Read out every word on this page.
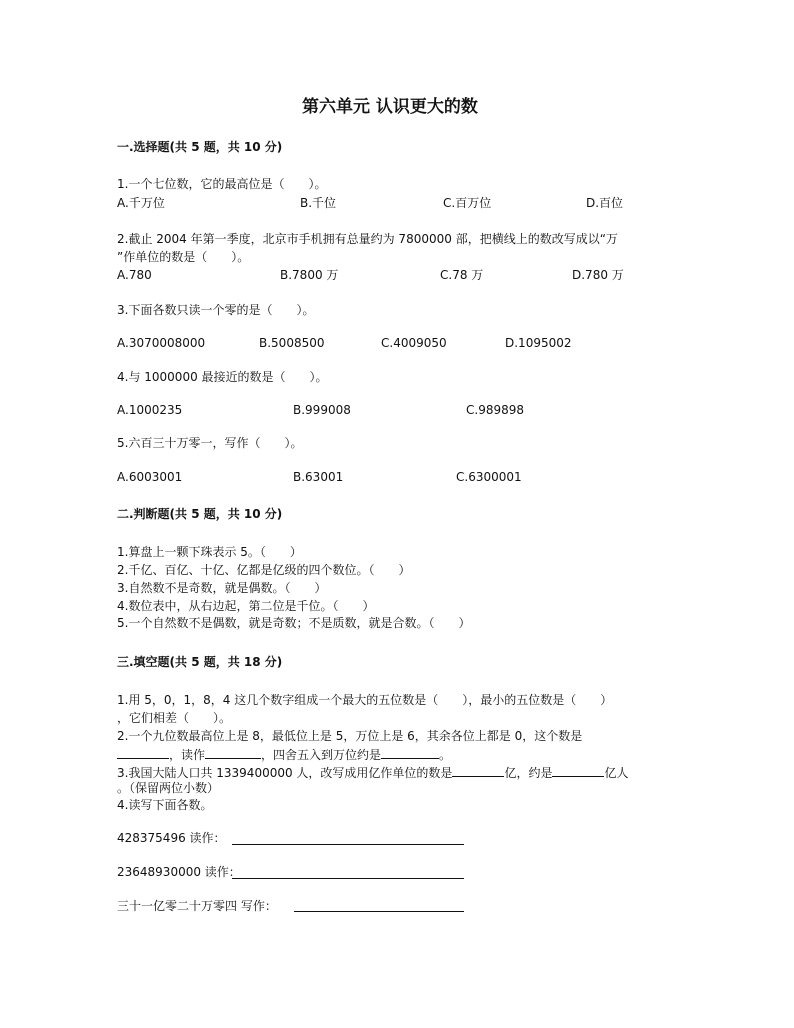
第六单元 认识更大的数
一.选择题(共 5 题，共 10 分)
1.一个七位数，它的最高位是（　　）。
A.千万位	B.千位	C.百万位	D.百位
2.截止 2004 年第一季度，北京市手机拥有总量约为 7800000 部，把横线上的数改写成以“万
”作单位的数是（　　）。
A.780	B.7800 万	C.78 万	D.780 万
3.下面各数只读一个零的是（　　）。
A.3070008000	B.5008500	C.4009050	D.1095002
4.与 1000000 最接近的数是（　　）。
A.1000235	B.999008	C.989898
5.六百三十万零一，写作（　　）。
A.6003001	B.63001	C.6300001
二.判断题(共 5 题，共 10 分)
1.算盘上一颗下珠表示 5。（　　）
2.千亿、百亿、十亿、亿都是亿级的四个数位。（　　）
3.自然数不是奇数，就是偶数。（　　）
4.数位表中，从右边起，第二位是千位。（　　）
5.一个自然数不是偶数，就是奇数；不是质数，就是合数。（　　）
三.填空题(共 5 题，共 18 分)
1.用 5，0，1，8，4 这几个数字组成一个最大的五位数是（　　），最小的五位数是（　　）
，它们相差（　　）。
2.一个九位数最高位上是 8，最低位上是 5，万位上是 6，其余各位上都是 0，这个数是
，读作	，四舍五入到万位约是	。
3.我国大陆人口共 1339400000 人，改写成用亿作单位的数是	亿，约是	亿人
。（保留两位小数）
4.读写下面各数。
428375496 读作：
23648930000 读作：
三十一亿零二十万零四 写作：
